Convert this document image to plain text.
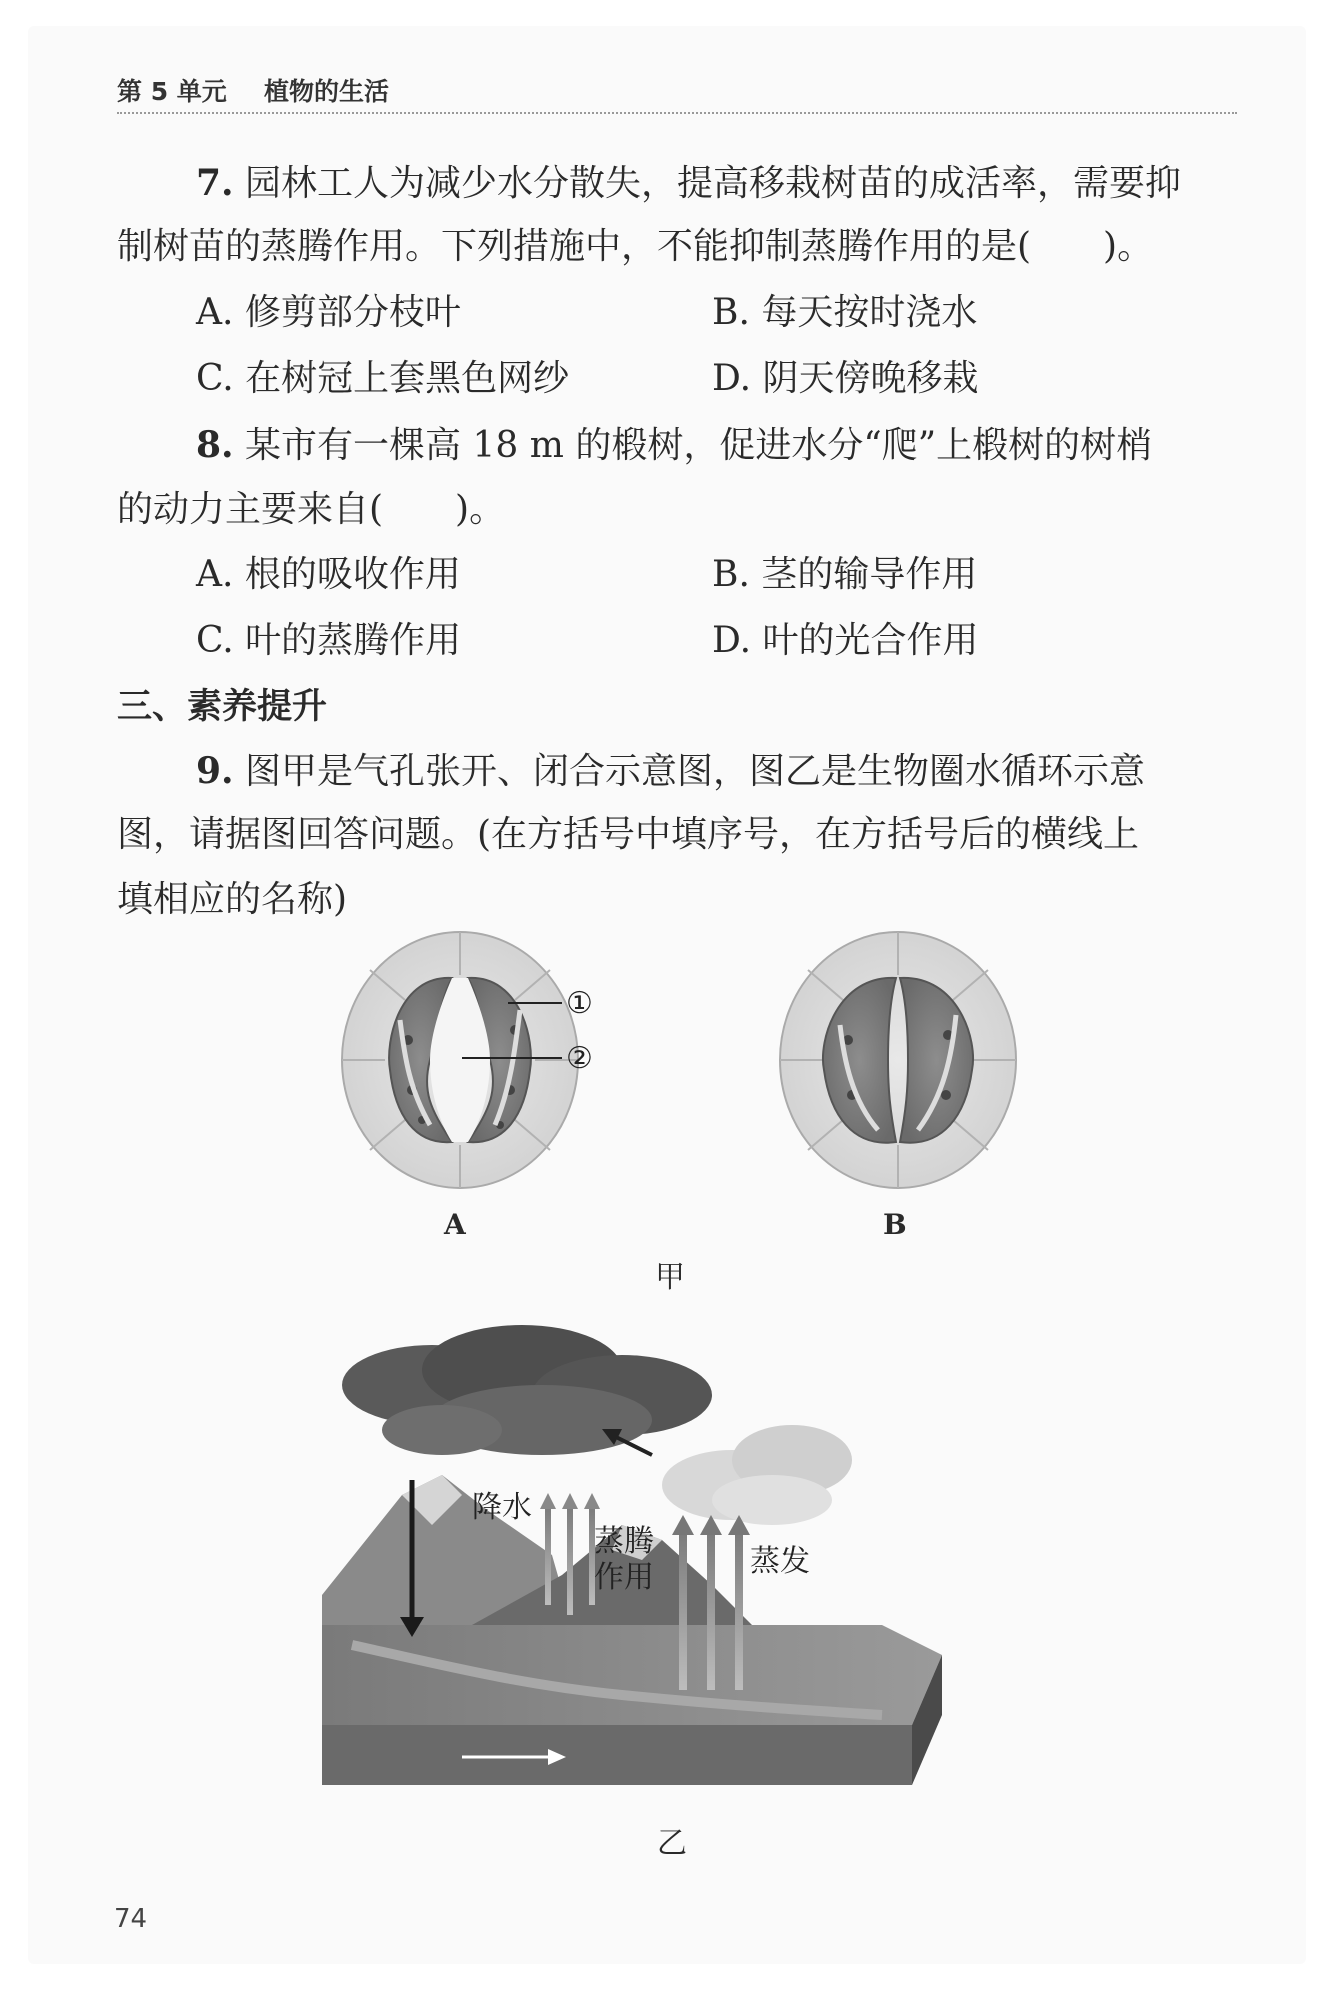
第 5 单元 植物的生活
7. 园林工人为减少水分散失，提高移栽树苗的成活率，需要抑
制树苗的蒸腾作用。下列措施中，不能抑制蒸腾作用的是(　　)。
A. 修剪部分枝叶	B. 每天按时浇水
C. 在树冠上套黑色网纱	D. 阴天傍晚移栽
8. 某市有一棵高 18 m 的椴树，促进水分“爬”上椴树的树梢
的动力主要来自(　　)。
A. 根的吸收作用	B. 茎的输导作用
C. 叶的蒸腾作用	D. 叶的光合作用
三、素养提升
9. 图甲是气孔张开、闭合示意图，图乙是生物圈水循环示意
图，请据图回答问题。(在方括号中填序号，在方括号后的横线上
填相应的名称)
①
②
A	B
甲
降水
蒸腾
作用	蒸发
乙
74
